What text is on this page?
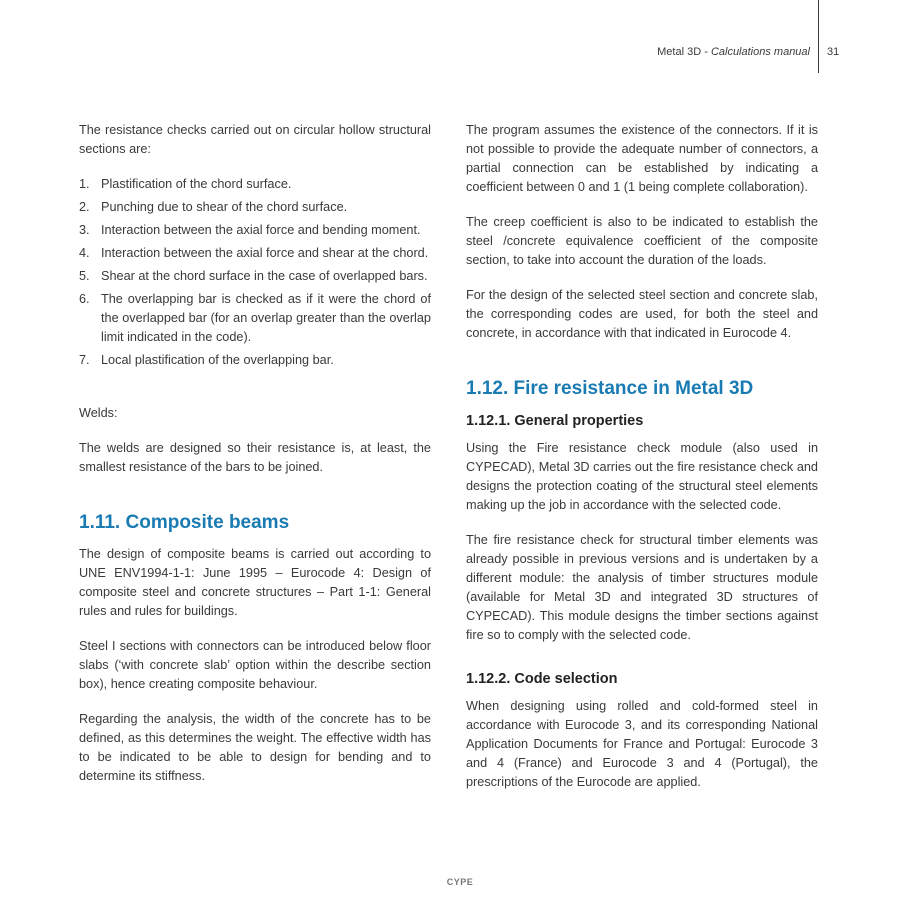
Metal 3D - Calculations manual 31

The resistance checks carried out on circular hollow structural sections are:

1. Plastification of the chord surface.
2. Punching due to shear of the chord surface.
3. Interaction between the axial force and bending moment.
4. Interaction between the axial force and shear at the chord.
5. Shear at the chord surface in the case of overlapped bars.
6. The overlapping bar is checked as if it were the chord of the overlapped bar (for an overlap greater than the overlap limit indicated in the code).
7. Local plastification of the overlapping bar.

Welds:

The welds are designed so their resistance is, at least, the smallest resistance of the bars to be joined.

1.11. Composite beams

The design of composite beams is carried out according to UNE ENV1994-1-1: June 1995 – Eurocode 4: Design of composite steel and concrete structures – Part 1-1: General rules and rules for buildings.

Steel I sections with connectors can be introduced below floor slabs (‘with concrete slab’ option within the describe section box), hence creating composite behaviour.

Regarding the analysis, the width of the concrete has to be defined, as this determines the weight. The effective width has to be indicated to be able to design for bending and to determine its stiffness.

The program assumes the existence of the connectors. If it is not possible to provide the adequate number of connectors, a partial connection can be established by indicating a coefficient between 0 and 1 (1 being complete collaboration).

The creep coefficient is also to be indicated to establish the steel /concrete equivalence coefficient of the composite section, to take into account the duration of the loads.

For the design of the selected steel section and concrete slab, the corresponding codes are used, for both the steel and concrete, in accordance with that indicated in Eurocode 4.

1.12. Fire resistance in Metal 3D
1.12.1. General properties

Using the Fire resistance check module (also used in CYPECAD), Metal 3D carries out the fire resistance check and designs the protection coating of the structural steel elements making up the job in accordance with the selected code.

The fire resistance check for structural timber elements was already possible in previous versions and is undertaken by a different module: the analysis of timber structures module (available for Metal 3D and integrated 3D structures of CYPECAD). This module designs the timber sections against fire so to comply with the selected code.

1.12.2. Code selection

When designing using rolled and cold-formed steel in accordance with Eurocode 3, and its corresponding National Application Documents for France and Portugal: Eurocode 3 and 4 (France) and Eurocode 3 and 4 (Portugal), the prescriptions of the Eurocode are applied.

CYPE
